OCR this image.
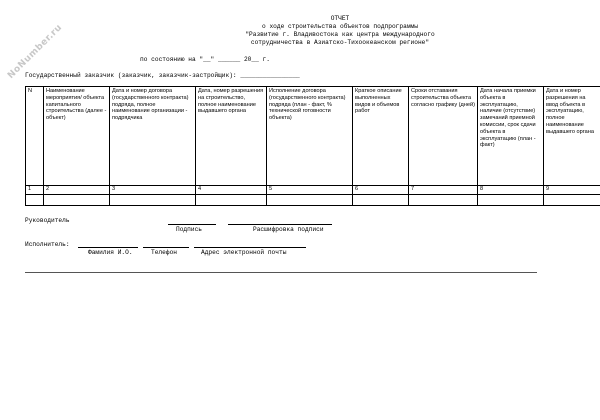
NoNumber.ru
ОТЧЕТ
о ходе строительства объектов подпрограммы
"Развитие г. Владивостока как центра международного
сотрудничества в Азиатско-Тихоокеанском регионе"
по состоянию на "__" ______ 20__ г.
Государственный заказчик (заказчик, заказчик-застройщик): ________________
N	Наименование мероприятия/ объекта капитального строительства (далее - объект)	Дата и номер договора (государственного контракта) подряда, полное наименование организации - подрядчика	Дата, номер разрешения на строительство, полное наименование выдавшего органа	Исполнение договора (государственного контракта) подряда (план - факт, % технической готовности объекта)	Краткое описание выполненных видов и объемов работ	Сроки отставания строительства объекта согласно графику (дней)	Дата начала приемки объекта в эксплуатацию, наличие (отсутствие) замечаний приемной комиссии, срок сдачи объекта в эксплуатацию (план - факт)	Дата и номер разрешения на ввод объекта в эксплуатацию, полное наименование выдавшего органа
1	2	3	4	5	6	7	8	9

Руководитель
Подпись	Расшифровка подписи
Исполнитель:
Фамилия И.О.	Телефон	Адрес электронной почты
